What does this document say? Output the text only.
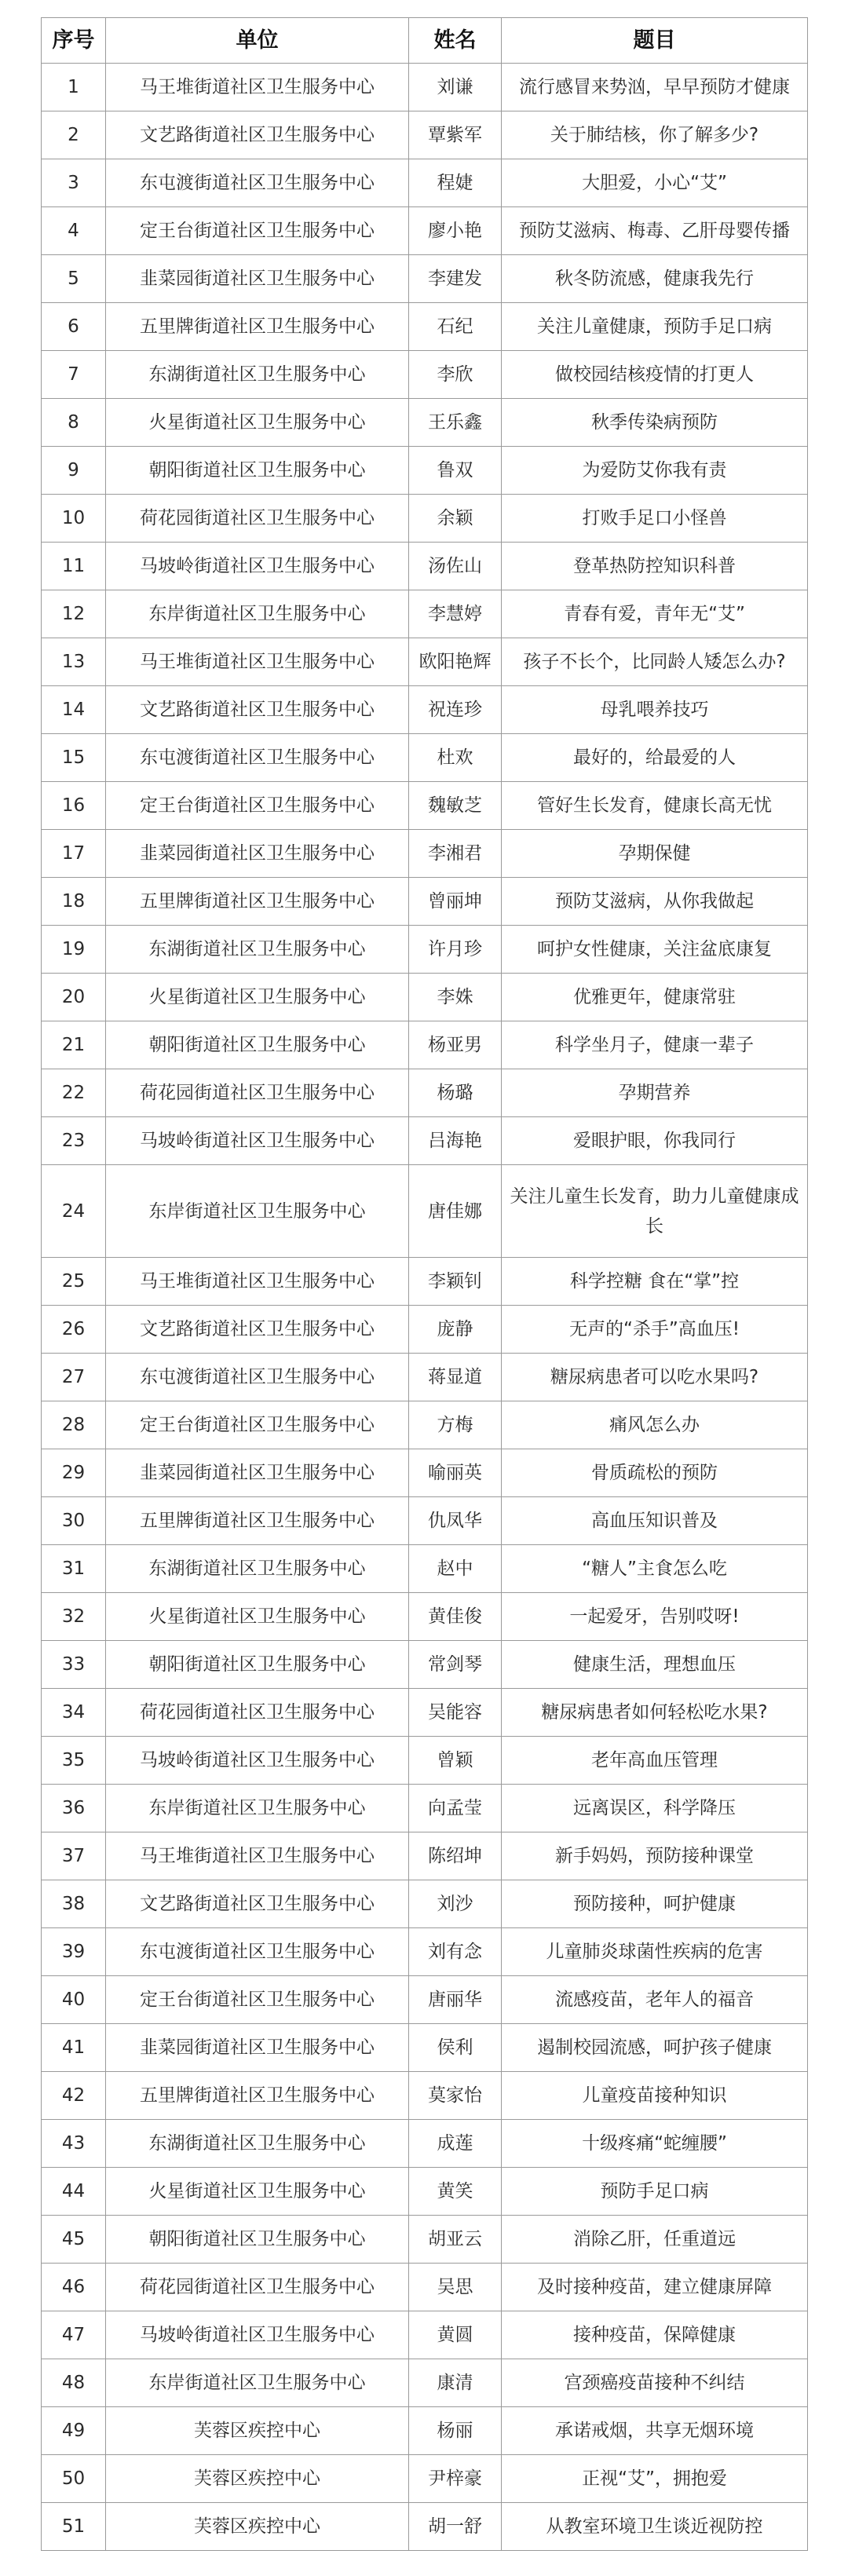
序号	单位	姓名	题目
1	马王堆街道社区卫生服务中心	刘谦	流行感冒来势汹，早早预防才健康
2	文艺路街道社区卫生服务中心	覃紫军	关于肺结核，你了解多少?
3	东屯渡街道社区卫生服务中心	程婕	大胆爱，小心“艾”
4	定王台街道社区卫生服务中心	廖小艳	预防艾滋病、梅毒、乙肝母婴传播
5	韭菜园街道社区卫生服务中心	李建发	秋冬防流感，健康我先行
6	五里牌街道社区卫生服务中心	石纪	关注儿童健康，预防手足口病
7	东湖街道社区卫生服务中心	李欣	做校园结核疫情的打更人
8	火星街道社区卫生服务中心	王乐鑫	秋季传染病预防
9	朝阳街道社区卫生服务中心	鲁双	为爱防艾你我有责
10	荷花园街道社区卫生服务中心	余颖	打败手足口小怪兽
11	马坡岭街道社区卫生服务中心	汤佐山	登革热防控知识科普
12	东岸街道社区卫生服务中心	李慧婷	青春有爱，青年无“艾”
13	马王堆街道社区卫生服务中心	欧阳艳辉	孩子不长个，比同龄人矮怎么办?
14	文艺路街道社区卫生服务中心	祝连珍	母乳喂养技巧
15	东屯渡街道社区卫生服务中心	杜欢	最好的，给最爱的人
16	定王台街道社区卫生服务中心	魏敏芝	管好生长发育，健康长高无忧
17	韭菜园街道社区卫生服务中心	李湘君	孕期保健
18	五里牌街道社区卫生服务中心	曾丽坤	预防艾滋病，从你我做起
19	东湖街道社区卫生服务中心	许月珍	呵护女性健康，关注盆底康复
20	火星街道社区卫生服务中心	李姝	优雅更年，健康常驻
21	朝阳街道社区卫生服务中心	杨亚男	科学坐月子，健康一辈子
22	荷花园街道社区卫生服务中心	杨璐	孕期营养
23	马坡岭街道社区卫生服务中心	吕海艳	爱眼护眼，你我同行
24	东岸街道社区卫生服务中心	唐佳娜	关注儿童生长发育，助力儿童健康成长
25	马王堆街道社区卫生服务中心	李颖钊	科学控糖 食在“掌”控
26	文艺路街道社区卫生服务中心	庞静	无声的“杀手”高血压!
27	东屯渡街道社区卫生服务中心	蒋显道	糖尿病患者可以吃水果吗?
28	定王台街道社区卫生服务中心	方梅	痛风怎么办
29	韭菜园街道社区卫生服务中心	喻丽英	骨质疏松的预防
30	五里牌街道社区卫生服务中心	仇凤华	高血压知识普及
31	东湖街道社区卫生服务中心	赵中	“糖人”主食怎么吃
32	火星街道社区卫生服务中心	黄佳俊	一起爱牙，告别哎呀!
33	朝阳街道社区卫生服务中心	常剑琴	健康生活，理想血压
34	荷花园街道社区卫生服务中心	吴能容	糖尿病患者如何轻松吃水果?
35	马坡岭街道社区卫生服务中心	曾颖	老年高血压管理
36	东岸街道社区卫生服务中心	向孟莹	远离误区，科学降压
37	马王堆街道社区卫生服务中心	陈绍坤	新手妈妈，预防接种课堂
38	文艺路街道社区卫生服务中心	刘沙	预防接种，呵护健康
39	东屯渡街道社区卫生服务中心	刘有念	儿童肺炎球菌性疾病的危害
40	定王台街道社区卫生服务中心	唐丽华	流感疫苗，老年人的福音
41	韭菜园街道社区卫生服务中心	侯利	遏制校园流感，呵护孩子健康
42	五里牌街道社区卫生服务中心	莫家怡	儿童疫苗接种知识
43	东湖街道社区卫生服务中心	成莲	十级疼痛“蛇缠腰”
44	火星街道社区卫生服务中心	黄笑	预防手足口病
45	朝阳街道社区卫生服务中心	胡亚云	消除乙肝，任重道远
46	荷花园街道社区卫生服务中心	吴思	及时接种疫苗，建立健康屏障
47	马坡岭街道社区卫生服务中心	黄圆	接种疫苗，保障健康
48	东岸街道社区卫生服务中心	康清	宫颈癌疫苗接种不纠结
49	芙蓉区疾控中心	杨丽	承诺戒烟，共享无烟环境
50	芙蓉区疾控中心	尹梓豪	正视“艾”，拥抱爱
51	芙蓉区疾控中心	胡一舒	从教室环境卫生谈近视防控
